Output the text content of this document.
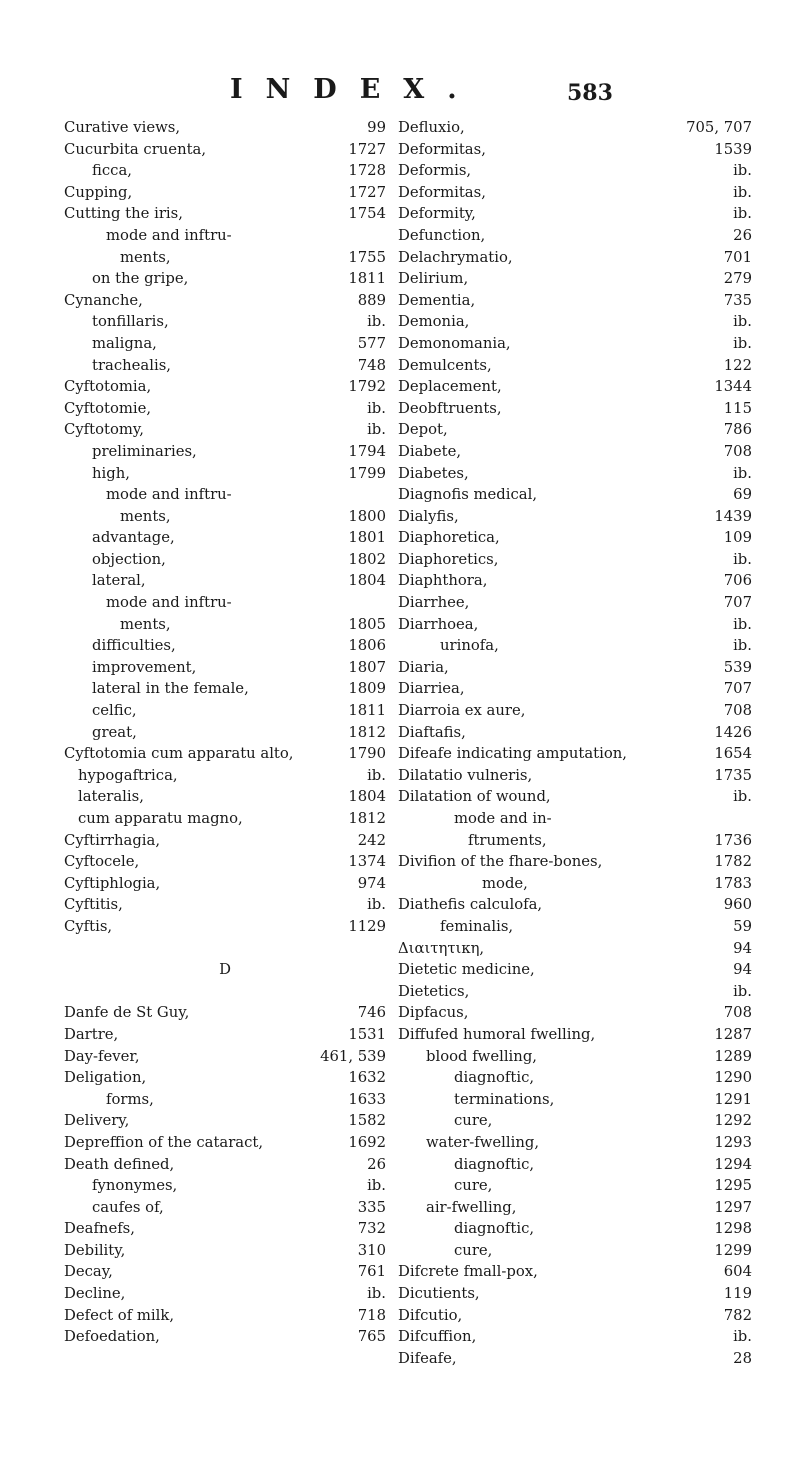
INDEX.	583
Curative views,	99
Cucurbita cruenta,	1727
ficca,	1728
Cupping,	1727
Cutting the iris,	1754
mode and inftru-
ments,	1755
on the gripe,	1811
Cynanche,	889
tonfillaris,	ib.
maligna,	577
trachealis,	748
Cyftotomia,	1792
Cyftotomie,	ib.
Cyftotomy,	ib.
preliminaries,	1794
high,	1799
mode and inftru-
ments,	1800
advantage,	1801
objection,	1802
lateral,	1804
mode and inftru-
ments,	1805
difficulties,	1806
improvement,	1807
lateral in the female,	1809
celfic,	1811
great,	1812
Cyftotomia cum apparatu alto,	1790
hypogaftrica,	ib.
lateralis,	1804
cum apparatu magno,	1812
Cyftirrhagia,	242
Cyftocele,	1374
Cyftiphlogia,	974
Cyftitis,	ib.
Cyftis,	1129
D
Danfe de St Guy,	746
Dartre,	1531
Day-fever,	461, 539
Deligation,	1632
forms,	1633
Delivery,	1582
Depreffion of the cataract,	1692
Death defined,	26
fynonymes,	ib.
caufes of,	335
Deafnefs,	732
Debility,	310
Decay,	761
Decline,	ib.
Defect of milk,	718
Defoedation,	765
Defluxio,	705, 707
Deformitas,	1539
Deformis,	ib.
Deformitas,	ib.
Deformity,	ib.
Defunction,	26
Delachrymatio,	701
Delirium,	279
Dementia,	735
Demonia,	ib.
Demonomania,	ib.
Demulcents,	122
Deplacement,	1344
Deobftruents,	115
Depot,	786
Diabete,	708
Diabetes,	ib.
Diagnofis medical,	69
Dialyfis,	1439
Diaphoretica,	109
Diaphoretics,	ib.
Diaphthora,	706
Diarrhee,	707
Diarrhoea,	ib.
urinofa,	ib.
Diaria,	539
Diarriea,	707
Diarroia ex aure,	708
Diaftafis,	1426
Difeafe indicating amputation,	1654
Dilatatio vulneris,	1735
Dilatation of wound,	ib.
mode and in-
ftruments,	1736
Divifion of the fhare-bones,	1782
mode,	1783
Diathefis calculofa,	960
feminalis,	59
Διαιτητικη,	94
Dietetic medicine,	94
Dietetics,	ib.
Dipfacus,	708
Diffufed humoral fwelling,	1287
blood fwelling,	1289
diagnoftic,	1290
terminations,	1291
cure,	1292
water-fwelling,	1293
diagnoftic,	1294
cure,	1295
air-fwelling,	1297
diagnoftic,	1298
cure,	1299
Difcrete fmall-pox,	604
Dicutients,	119
Difcutio,	782
Difcuffion,	ib.
Difeafe,	28
